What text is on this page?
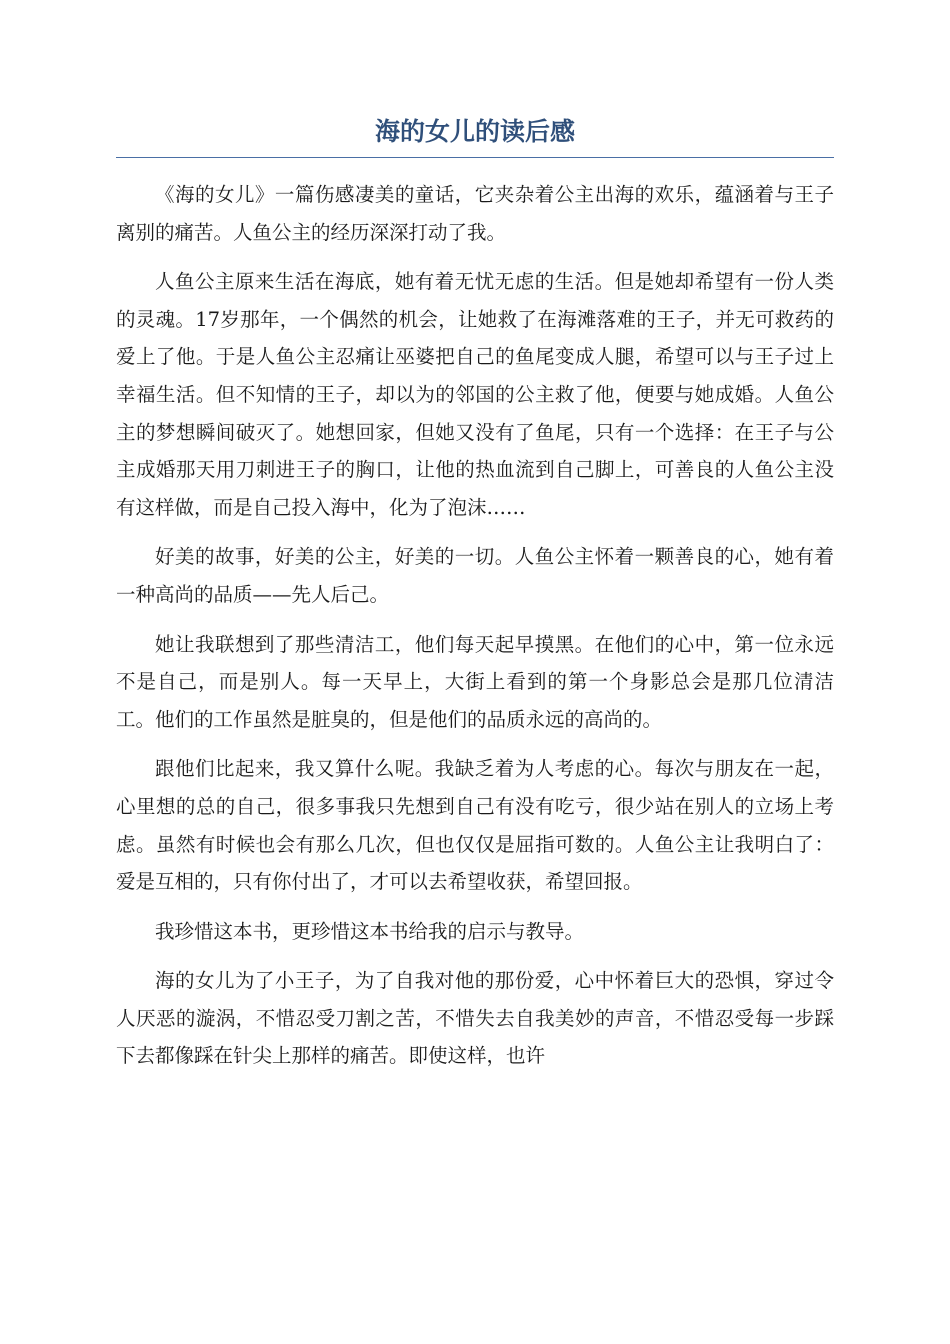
海的女儿的读后感

《海的女儿》一篇伤感凄美的童话，它夹杂着公主出海的欢乐，蕴涵着与王子离别的痛苦。人鱼公主的经历深深打动了我。

人鱼公主原来生活在海底，她有着无忧无虑的生活。但是她却希望有一份人类的灵魂。17岁那年，一个偶然的机会，让她救了在海滩落难的王子，并无可救药的爱上了他。于是人鱼公主忍痛让巫婆把自己的鱼尾变成人腿，希望可以与王子过上幸福生活。但不知情的王子，却以为的邻国的公主救了他，便要与她成婚。人鱼公主的梦想瞬间破灭了。她想回家，但她又没有了鱼尾，只有一个选择：在王子与公主成婚那天用刀刺进王子的胸口，让他的热血流到自己脚上，可善良的人鱼公主没有这样做，而是自己投入海中，化为了泡沫……

好美的故事，好美的公主，好美的一切。人鱼公主怀着一颗善良的心，她有着一种高尚的品质——先人后己。

她让我联想到了那些清洁工，他们每天起早摸黑。在他们的心中，第一位永远不是自己，而是别人。每一天早上，大街上看到的第一个身影总会是那几位清洁工。他们的工作虽然是脏臭的，但是他们的品质永远的高尚的。

跟他们比起来，我又算什么呢。我缺乏着为人考虑的心。每次与朋友在一起，心里想的总的自己，很多事我只先想到自己有没有吃亏，很少站在别人的立场上考虑。虽然有时候也会有那么几次，但也仅仅是屈指可数的。人鱼公主让我明白了：爱是互相的，只有你付出了，才可以去希望收获，希望回报。

我珍惜这本书，更珍惜这本书给我的启示与教导。

海的女儿为了小王子，为了自我对他的那份爱，心中怀着巨大的恐惧，穿过令人厌恶的漩涡，不惜忍受刀割之苦，不惜失去自我美妙的声音，不惜忍受每一步踩下去都像踩在针尖上那样的痛苦。即使这样，也许
